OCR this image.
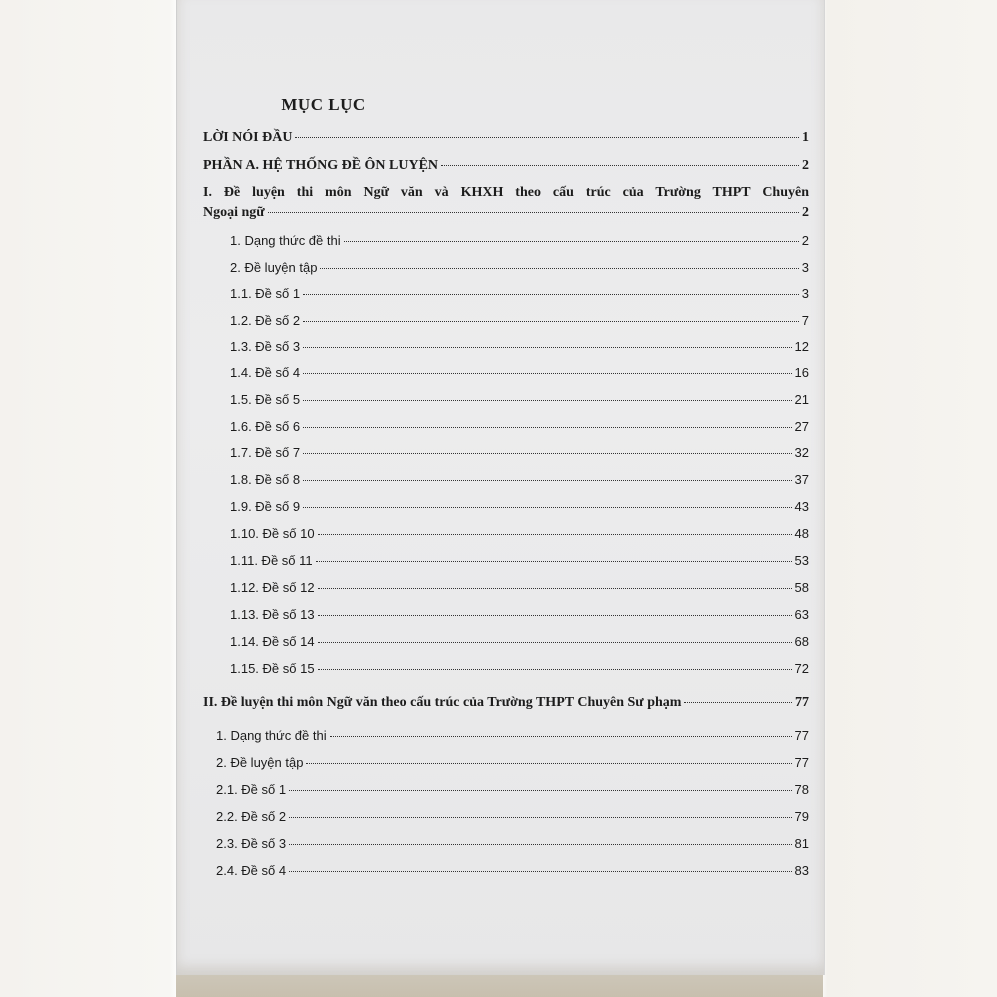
MỤC LỤC
LỜI NÓI ĐẦU	1
PHẦN A. HỆ THỐNG ĐỀ ÔN LUYỆN	2
I. Đề luyện thi môn Ngữ văn và KHXH theo cấu trúc của Trường THPT Chuyên
Ngoại ngữ	2
1. Dạng thức đề thi	2
2. Đề luyện tập	3
1.1. Đề số 1	3
1.2. Đề số 2	7
1.3. Đề số 3	12
1.4. Đề số 4	16
1.5. Đề số 5	21
1.6. Đề số 6	27
1.7. Đề số 7	32
1.8. Đề số 8	37
1.9. Đề số 9	43
1.10. Đề số 10	48
1.11. Đề số 11	53
1.12. Đề số 12	58
1.13. Đề số 13	63
1.14. Đề số 14	68
1.15. Đề số 15	72
II. Đề luyện thi môn Ngữ văn theo cấu trúc của Trường THPT Chuyên Sư phạm	77
1. Dạng thức đề thi	77
2. Đề luyện tập	77
2.1. Đề số 1	78
2.2. Đề số 2	79
2.3. Đề số 3	81
2.4. Đề số 4	83
